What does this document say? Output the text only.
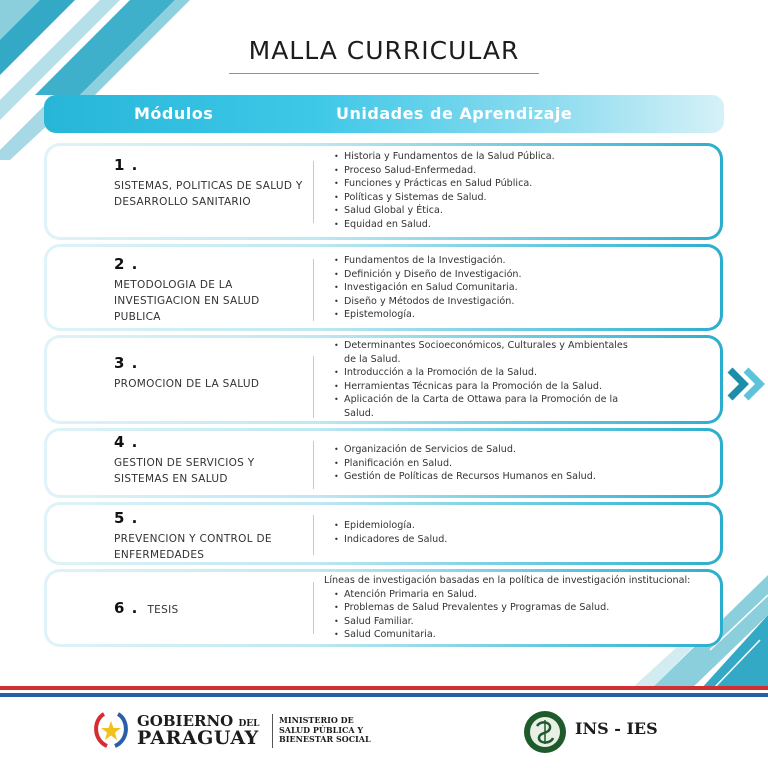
MALLA CURRICULAR
Módulos	Unidades de Aprendizaje
1 .
SISTEMAS, POLITICAS DE SALUD Y DESARROLLO SANITARIO
• Historia y Fundamentos de la Salud Pública.
• Proceso Salud-Enfermedad.
• Funciones y Prácticas en Salud Pública.
• Políticas y Sistemas de Salud.
• Salud Global y Ética.
• Equidad en Salud.
2 .
METODOLOGIA DE LA INVESTIGACION EN SALUD PUBLICA
• Fundamentos de la Investigación.
• Definición y Diseño de Investigación.
• Investigación en Salud Comunitaria.
• Diseño y Métodos de Investigación.
• Epistemología.
3 .
PROMOCION DE LA SALUD
• Determinantes Socioeconómicos, Culturales y Ambientales de la Salud.
• Introducción a la Promoción de la Salud.
• Herramientas Técnicas para la Promoción de la Salud.
• Aplicación de la Carta de Ottawa para la Promoción de la Salud.
4 .
GESTION DE SERVICIOS Y SISTEMAS EN SALUD
• Organización de Servicios de Salud.
• Planificación en Salud.
• Gestión de Políticas de Recursos Humanos en Salud.
5 .
PREVENCION Y CONTROL DE ENFERMEDADES
• Epidemiología.
• Indicadores de Salud.
6 . TESIS
Líneas de investigación basadas en la política de investigación institucional:
• Atención Primaria en Salud.
• Problemas de Salud Prevalentes y Programas de Salud.
• Salud Familiar.
• Salud Comunitaria.
GOBIERNO DEL
PARAGUAY
MINISTERIO DE
SALUD PÚBLICA Y
BIENESTAR SOCIAL
INS - IES
